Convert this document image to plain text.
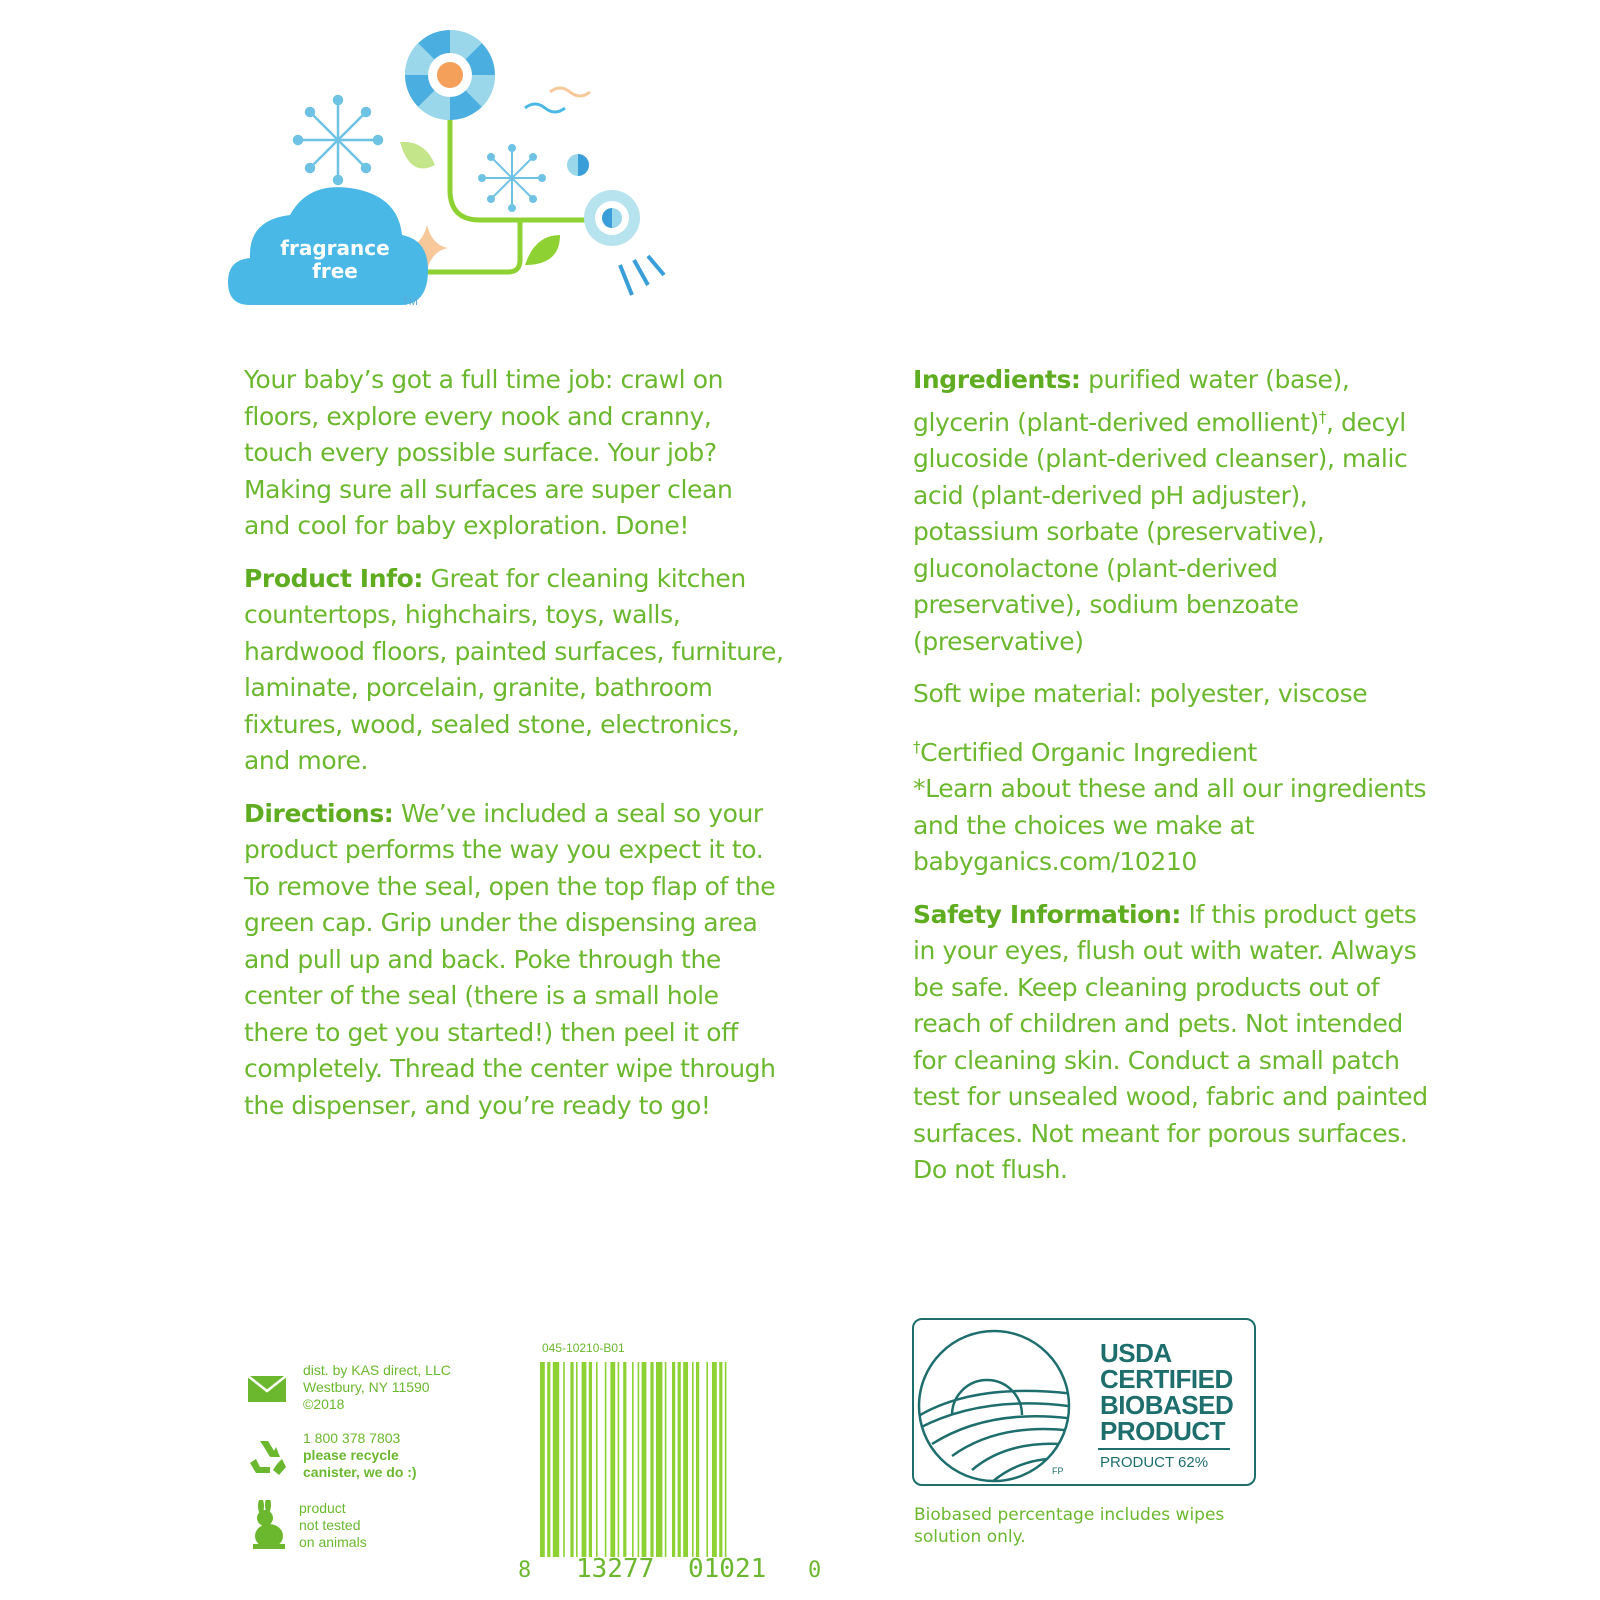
fragrance
free
TM

Your baby’s got a full time job: crawl on floors, explore every nook and cranny, touch every possible surface. Your job? Making sure all surfaces are super clean and cool for baby exploration. Done!

Product Info: Great for cleaning kitchen countertops, highchairs, toys, walls, hardwood floors, painted surfaces, furniture, laminate, porcelain, granite, bathroom fixtures, wood, sealed stone, electronics, and more.

Directions: We’ve included a seal so your product performs the way you expect it to. To remove the seal, open the top flap of the green cap. Grip under the dispensing area and pull up and back. Poke through the center of the seal (there is a small hole there to get you started!) then peel it off completely. Thread the center wipe through the dispenser, and you’re ready to go!

Ingredients: purified water (base), glycerin (plant-derived emollient)†, decyl glucoside (plant-derived cleanser), malic acid (plant-derived pH adjuster), potassium sorbate (preservative), gluconolactone (plant-derived preservative), sodium benzoate (preservative)

Soft wipe material: polyester, viscose

†Certified Organic Ingredient
*Learn about these and all our ingredients and the choices we make at babyganics.com/10210

Safety Information: If this product gets in your eyes, flush out with water. Always be safe. Keep cleaning products out of reach of children and pets. Not intended for cleaning skin. Conduct a small patch test for unsealed wood, fabric and painted surfaces. Not meant for porous surfaces. Do not flush.

dist. by KAS direct, LLC
Westbury, NY 11590
©2018
1 800 378 7803
please recycle
canister, we do :)
product
not tested
on animals
045-10210-B01
8 13277 01021 0
USDA
CERTIFIED
BIOBASED
PRODUCT
PRODUCT 62%
FP
Biobased percentage includes wipes solution only.
